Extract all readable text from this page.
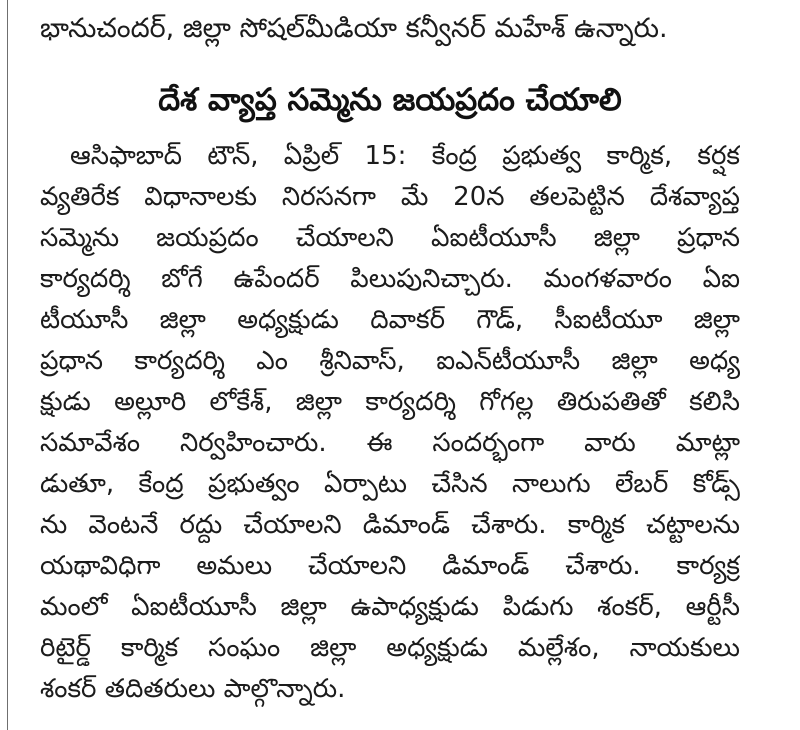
భానుచందర్, జిల్లా సోషల్‌మీడియా కన్వీనర్ మహేశ్ ఉన్నారు.
దేశ వ్యాప్త సమ్మెను జయప్రదం చేయాలి
ఆసిఫాబాద్ టౌన్, ఏప్రిల్ 15: కేంద్ర ప్రభుత్వ కార్మిక, కర్షక
వ్యతిరేక విధానాలకు నిరసనగా మే 20న తలపెట్టిన దేశవ్యాప్త
సమ్మెను జయప్రదం చేయాలని ఏఐటీయూసీ జిల్లా ప్రధాన
కార్యదర్శి బోగే ఉపేందర్ పిలుపునిచ్చారు. మంగళవారం ఏఐ
టీయూసీ జిల్లా అధ్యక్షుడు దివాకర్ గౌడ్, సీఐటీయూ జిల్లా
ప్రధాన కార్యదర్శి ఎం శ్రీనివాస్, ఐఎన్‌టీయూసీ జిల్లా అధ్య
క్షుడు అల్లూరి లోకేశ్, జిల్లా కార్యదర్శి గోగల్ల తిరుపతితో కలిసి
సమావేశం నిర్వహించారు. ఈ సందర్భంగా వారు మాట్లా
డుతూ, కేంద్ర ప్రభుత్వం ఏర్పాటు చేసిన నాలుగు లేబర్ కోడ్స్
ను వెంటనే రద్దు చేయాలని డిమాండ్ చేశారు. కార్మిక చట్టాలను
యథావిధిగా అమలు చేయాలని డిమాండ్ చేశారు. కార్యక్ర
మంలో ఏఐటీయూసీ జిల్లా ఉపాధ్యక్షుడు పిడుగు శంకర్, ఆర్టీసీ
రిటైర్డ్ కార్మిక సంఘం జిల్లా అధ్యక్షుడు మల్లేశం, నాయకులు
శంకర్ తదితరులు పాల్గొన్నారు.
